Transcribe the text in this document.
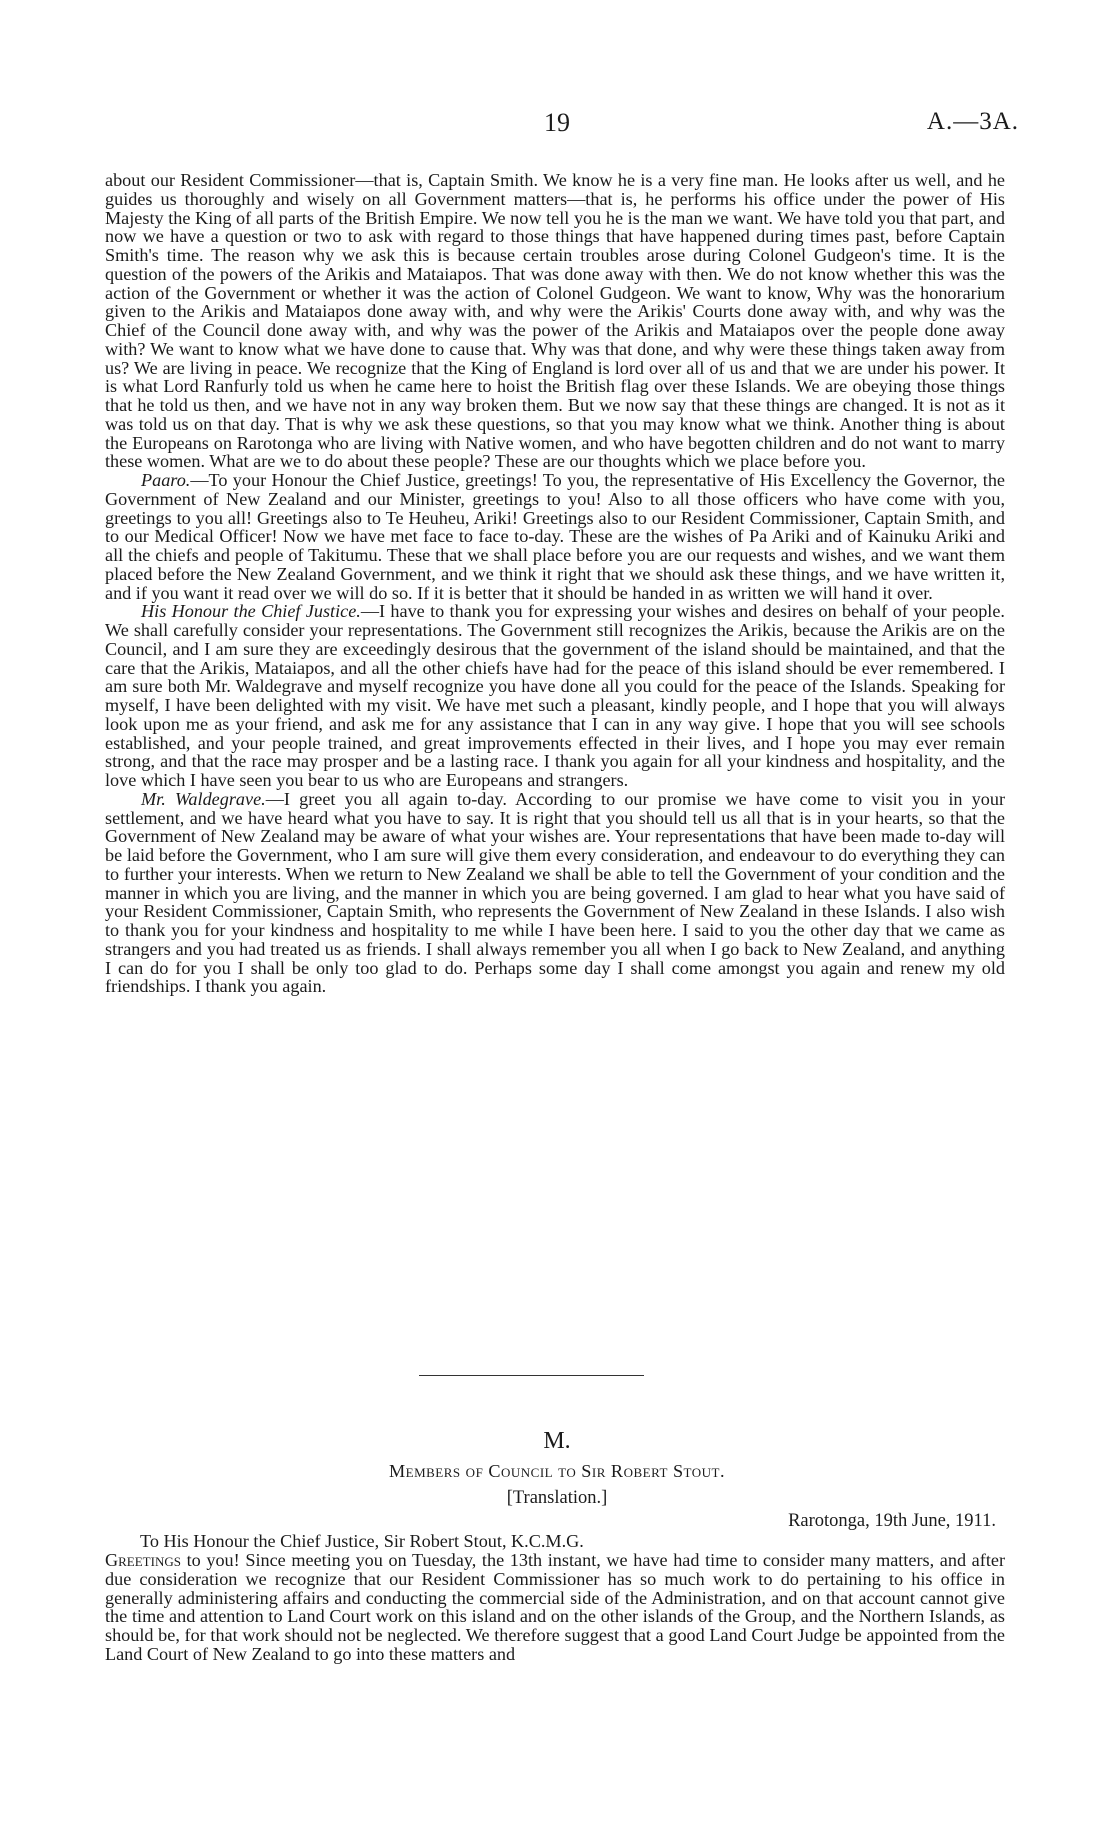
19	A.—3A.

about our Resident Commissioner—that is, Captain Smith. We know he is a very fine man. He looks after us well, and he guides us thoroughly and wisely on all Government matters—that is, he performs his office under the power of His Majesty the King of all parts of the British Empire. We now tell you he is the man we want. We have told you that part, and now we have a question or two to ask with regard to those things that have happened during times past, before Captain Smith's time. The reason why we ask this is because certain troubles arose during Colonel Gudgeon's time. It is the question of the powers of the Arikis and Mataiapos. That was done away with then. We do not know whether this was the action of the Government or whether it was the action of Colonel Gudgeon. We want to know, Why was the honorarium given to the Arikis and Mataiapos done away with, and why were the Arikis' Courts done away with, and why was the Chief of the Council done away with, and why was the power of the Arikis and Mataiapos over the people done away with? We want to know what we have done to cause that. Why was that done, and why were these things taken away from us? We are living in peace. We recognize that the King of England is lord over all of us and that we are under his power. It is what Lord Ranfurly told us when he came here to hoist the British flag over these Islands. We are obeying those things that he told us then, and we have not in any way broken them. But we now say that these things are changed. It is not as it was told us on that day. That is why we ask these questions, so that you may know what we think. Another thing is about the Europeans on Rarotonga who are living with Native women, and who have begotten children and do not want to marry these women. What are we to do about these people? These are our thoughts which we place before you.

Paaro.—To your Honour the Chief Justice, greetings! To you, the representative of His Excellency the Governor, the Government of New Zealand and our Minister, greetings to you! Also to all those officers who have come with you, greetings to you all! Greetings also to Te Heuheu, Ariki! Greetings also to our Resident Commissioner, Captain Smith, and to our Medical Officer! Now we have met face to face to-day. These are the wishes of Pa Ariki and of Kainuku Ariki and all the chiefs and people of Takitumu. These that we shall place before you are our requests and wishes, and we want them placed before the New Zealand Government, and we think it right that we should ask these things, and we have written it, and if you want it read over we will do so. If it is better that it should be handed in as written we will hand it over.

His Honour the Chief Justice.—I have to thank you for expressing your wishes and desires on behalf of your people. We shall carefully consider your representations. The Government still recognizes the Arikis, because the Arikis are on the Council, and I am sure they are exceedingly desirous that the government of the island should be maintained, and that the care that the Arikis, Mataiapos, and all the other chiefs have had for the peace of this island should be ever remembered. I am sure both Mr. Waldegrave and myself recognize you have done all you could for the peace of the Islands. Speaking for myself, I have been delighted with my visit. We have met such a pleasant, kindly people, and I hope that you will always look upon me as your friend, and ask me for any assistance that I can in any way give. I hope that you will see schools established, and your people trained, and great improvements effected in their lives, and I hope you may ever remain strong, and that the race may prosper and be a lasting race. I thank you again for all your kindness and hospitality, and the love which I have seen you bear to us who are Europeans and strangers.

Mr. Waldegrave.—I greet you all again to-day. According to our promise we have come to visit you in your settlement, and we have heard what you have to say. It is right that you should tell us all that is in your hearts, so that the Government of New Zealand may be aware of what your wishes are. Your representations that have been made to-day will be laid before the Government, who I am sure will give them every consideration, and endeavour to do everything they can to further your interests. When we return to New Zealand we shall be able to tell the Government of your condition and the manner in which you are living, and the manner in which you are being governed. I am glad to hear what you have said of your Resident Commissioner, Captain Smith, who represents the Government of New Zealand in these Islands. I also wish to thank you for your kindness and hospitality to me while I have been here. I said to you the other day that we came as strangers and you had treated us as friends. I shall always remember you all when I go back to New Zealand, and anything I can do for you I shall be only too glad to do. Perhaps some day I shall come amongst you again and renew my old friendships. I thank you again.

M.
Members of Council to Sir Robert Stout.
[Translation.]
Rarotonga, 19th June, 1911.
To His Honour the Chief Justice, Sir Robert Stout, K.C.M.G.

Greetings to you! Since meeting you on Tuesday, the 13th instant, we have had time to consider many matters, and after due consideration we recognize that our Resident Commissioner has so much work to do pertaining to his office in generally administering affairs and conducting the commercial side of the Administration, and on that account cannot give the time and attention to Land Court work on this island and on the other islands of the Group, and the Northern Islands, as should be, for that work should not be neglected. We therefore suggest that a good Land Court Judge be appointed from the Land Court of New Zealand to go into these matters and
